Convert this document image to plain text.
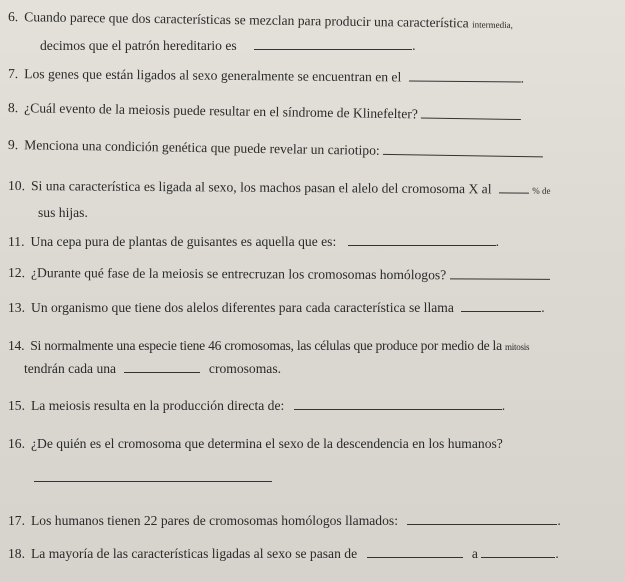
6. Cuando parece que dos características se mezclan para producir una característica intermedia,
decimos que el patrón hereditario es	.
7. Los genes que están ligados al sexo generalmente se encuentran en el	.
8. ¿Cuál evento de la meiosis puede resultar en el síndrome de Klinefelter?
9. Menciona una condición genética que puede revelar un cariotipo:
10. Si una característica es ligada al sexo, los machos pasan el alelo del cromosoma X al	% de
sus hijas.
11. Una cepa pura de plantas de guisantes es aquella que es:	.
12. ¿Durante qué fase de la meiosis se entrecruzan los cromosomas homólogos?
13. Un organismo que tiene dos alelos diferentes para cada característica se llama	.
14. Si normalmente una especie tiene 46 cromosomas, las células que produce por medio de la mitosis
tendrán cada una	cromosomas.
15. La meiosis resulta en la producción directa de:	.
16. ¿De quién es el cromosoma que determina el sexo de la descendencia en los humanos?
17. Los humanos tienen 22 pares de cromosomas homólogos llamados:	.
18. La mayoría de las características ligadas al sexo se pasan de	a	.
